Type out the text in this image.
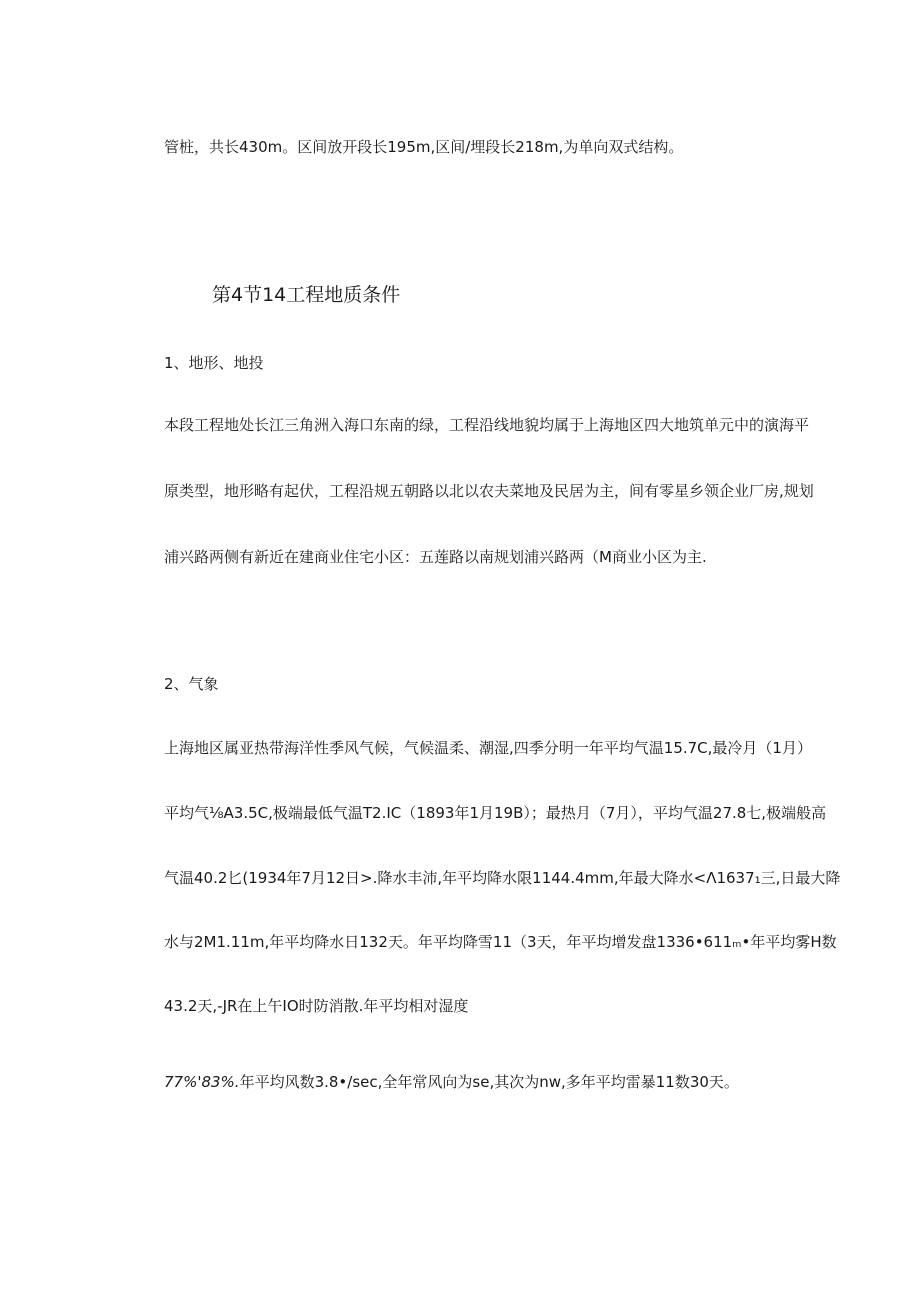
管桩，共长430m。区间放开段长195m,区间/埋段长218m,为单向双式结构。
第4节14工程地质条件
1、地形、地投
本段工程地处长江三角洲入海口东南的绿，工程沿线地貌均属于上海地区四大地筑单元中的演海平
原类型，地形略有起伏，工程沿规五朝路以北以农夫菜地及民居为主，间有零星乡领企业厂房,规划
浦兴路两侧有新近在建商业住宅小区：五莲路以南规划浦兴路两（M商业小区为主.
2、气象
上海地区属亚热带海洋性季风气候，气候温柔、潮湿,四季分明一年平均气温15.7C,最冷月（1月）
平均气⅛A3.5C,极端最低气温T2.IC（1893年1月19B）；最热月（7月），平均气温27.8七,极端般高
气温40.2匕(1934年7月12日>.降水丰沛,年平均降水限1144.4mm,年最大降水<Λ1637₁三,日最大降
水与2M1.11m,年平均降水日132天。年平均降雪11（3天，年平均增发盘1336•611ₘ•年平均雾H数
43.2天,-JR在上午IO时防消散.年平均相对湿度
77%'83%.年平均风数3.8•/sec,全年常风向为se,其次为nw,多年平均雷暴11数30天。
